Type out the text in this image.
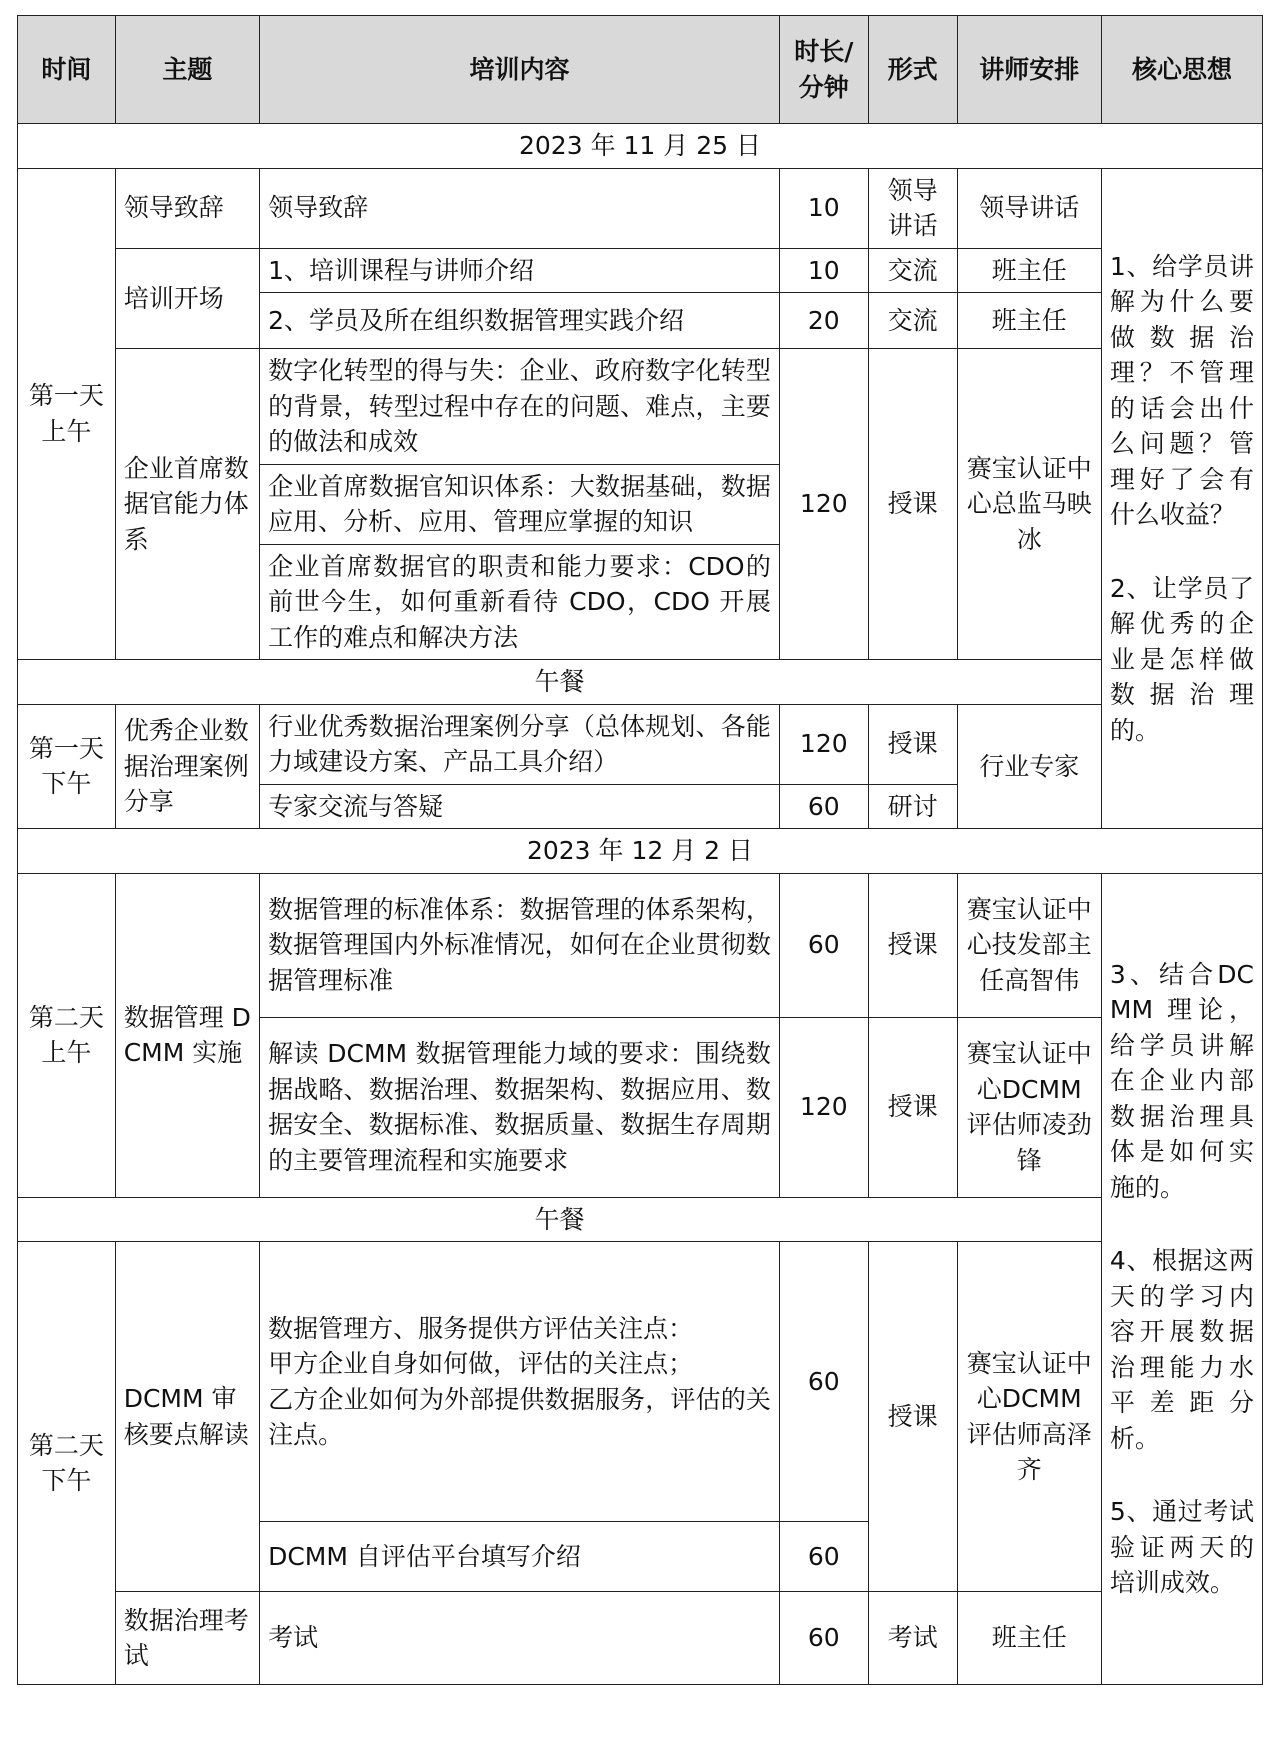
时间	主题	培训内容	时长/分钟	形式	讲师安排	核心思想
2023 年 11 月 25 日						
第一天上午	领导致辞	领导致辞	10	领导讲话	领导讲话	1、给学员讲解为什么要做数据治理？不管理的话会出什么问题？管理好了会有什么收益？

2、让学员了解优秀的企业是怎样做数据治理的。

	培训开场	1、培训课程与讲师介绍	10	交流	班主任	
		2、学员及所在组织数据管理实践介绍	20	交流	班主任	
	企业首席数据官能力体系	数字化转型的得与失：企业、政府数字化转型的背景，转型过程中存在的问题、难点，主要的做法和成效	120	授课	赛宝认证中心总监马映冰	
		企业首席数据官知识体系：大数据基础，数据应用、分析、应用、管理应掌握的知识				
		企业首席数据官的职责和能力要求：CDO的前世今生，如何重新看待 CDO，CDO 开展工作的难点和解决方法				
午餐						
第一天下午	优秀企业数据治理案例分享	行业优秀数据治理案例分享（总体规划、各能力域建设方案、产品工具介绍）	120	授课	行业专家	
		专家交流与答疑	60	研讨		
2023 年 12 月 2 日						
第二天上午	数据管理 DCMM 实施	数据管理的标准体系：数据管理的体系架构，数据管理国内外标准情况，如何在企业贯彻数据管理标准	60	授课	赛宝认证中心技发部主任高智伟	3、结合DCMM 理论，给学员讲解在企业内部数据治理具体是如何实施的。

4、根据这两天的学习内容开展数据治理能力水平差距分析。

5、通过考试验证两天的培训成效。

		解读 DCMM 数据管理能力域的要求：围绕数据战略、数据治理、数据架构、数据应用、数据安全、数据标准、数据质量、数据生存周期的主要管理流程和实施要求	120	授课	赛宝认证中心DCMM 评估师凌劲锋	
午餐						
第二天下午	DCMM 审核要点解读	数据管理方、服务提供方评估关注点：
甲方企业自身如何做，评估的关注点；
乙方企业如何为外部提供数据服务，评估的关注点。	60	授课	赛宝认证中心DCMM 评估师高泽齐	
		DCMM 自评估平台填写介绍	60			
	数据治理考试	考试	60	考试	班主任	
